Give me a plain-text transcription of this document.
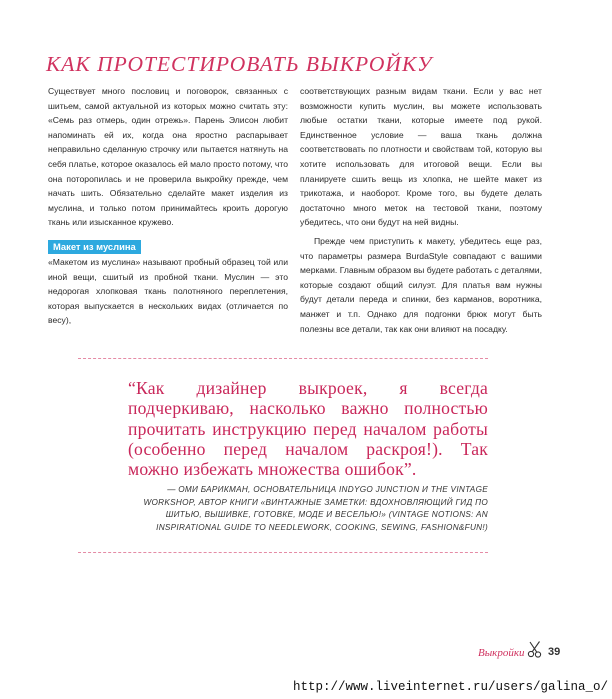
КАК ПРОТЕСТИРОВАТЬ ВЫКРОЙКУ

Существует много пословиц и поговорок, связанных с шитьем, самой актуальной из которых можно считать эту: «Семь раз отмерь, один отрежь». Парень Элисон любит напоминать ей их, когда она яростно распарывает неправильно сделанную строчку или пытается натянуть на себя платье, которое оказалось ей мало просто потому, что она поторопилась и не проверила выкройку прежде, чем начать шить. Обязательно сделайте макет изделия из муслина, и только потом принимайтесь кроить дорогую ткань или изысканное кружево.

Макет из муслина

«Макетом из муслина» называют пробный образец той или иной вещи, сшитый из пробной ткани. Муслин — это недорогая хлопковая ткань полотняного переплетения, которая выпускается в нескольких видах (отличается по весу),

соответствующих разным видам ткани. Если у вас нет возможности купить муслин, вы можете использовать любые остатки ткани, которые имеете под рукой. Единственное условие — ваша ткань должна соответствовать по плотности и свойствам той, которую вы хотите использовать для итоговой вещи. Если вы планируете сшить вещь из хлопка, не шейте макет из трикотажа, и наоборот. Кроме того, вы будете делать достаточно много меток на тестовой ткани, поэтому убедитесь, что они будут на ней видны.

Прежде чем приступить к макету, убедитесь еще раз, что параметры размера BurdaStyle совпадают с вашими мерками. Главным образом вы будете работать с деталями, которые создают общий силуэт. Для платья вам нужны будут детали переда и спинки, без карманов, воротника, манжет и т.п. Однако для подгонки брюк могут быть полезны все детали, так как они влияют на посадку.

“Как дизайнер выкроек, я всегда подчеркиваю, насколько важно полностью прочитать инструкцию перед началом работы (особенно перед началом раскроя!). Так можно избежать множества ошибок”.

— ОМИ БАРИКМАН, ОСНОВАТЕЛЬНИЦА INDYGO JUNCTION И THE VINTAGE WORKSHOP, АВТОР КНИГИ «ВИНТАЖНЫЕ ЗАМЕТКИ: ВДОХНОВЛЯЮЩИЙ ГИД ПО ШИТЬЮ, ВЫШИВКЕ, ГОТОВКЕ, МОДЕ И ВЕСЕЛЬЮ!» (VINTAGE NOTIONS: AN INSPIRATIONAL GUIDE TO NEEDLEWORK, COOKING, SEWING, FASHION&FUN!)

Выкройки 39
http://www.liveinternet.ru/users/galina_o/
